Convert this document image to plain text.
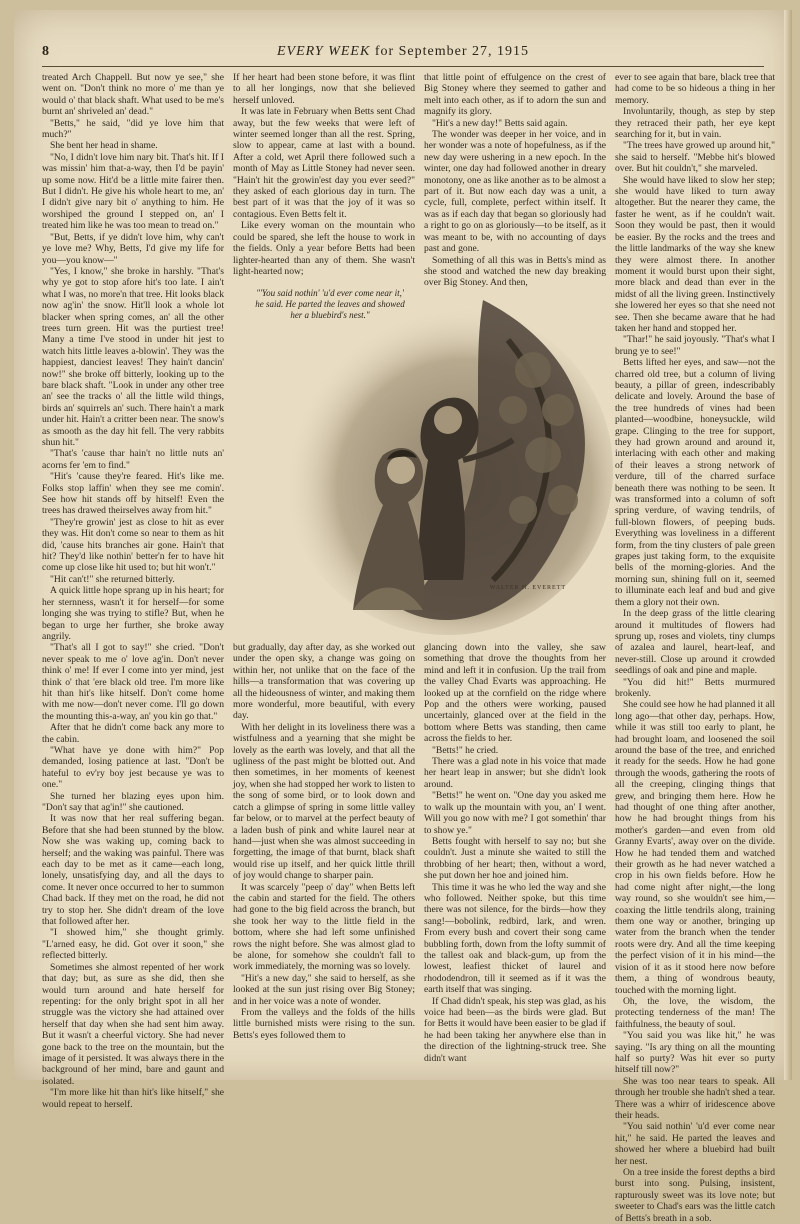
8	EVERY WEEK for September 27, 1915

treated Arch Chappell. But now ye see," she went on. "Don't think no more o' me than ye would o' that black shaft. What used to be me's burnt an' shriveled an' dead."

"Betts," he said, "did ye love him that much?"

She bent her head in shame.

"No, I didn't love him nary bit. That's hit. If I was missin' him that-a-way, then I'd be payin' up some now. Hit'd be a little mite fairer then. But I didn't. He give his whole heart to me, an' I didn't give nary bit o' anything to him. He worshiped the ground I stepped on, an' I treated him like he was too mean to tread on."

"But, Betts, if ye didn't love him, why can't ye love me? Why, Betts, I'd give my life for you—you know—"

"Yes, I know," she broke in harshly. "That's why ye got to stop afore hit's too late. I ain't what I was, no more'n that tree. Hit looks black now ag'in' the snow. Hit'll look a whole lot blacker when spring comes, an' all the other trees turn green. Hit was the purtiest tree! Many a time I've stood in under hit jest to watch hits little leaves a-blowin'. They was the happiest, danciest leaves! They hain't dancin' now!" she broke off bitterly, looking up to the bare black shaft. "Look in under any other tree an' see the tracks o' all the little wild things, birds an' squirrels an' such. There hain't a mark under hit. Hain't a critter been near. The snow's as smooth as the day hit fell. The very rabbits shun hit."

"That's 'cause thar hain't no little nuts an' acorns fer 'em to find."

"Hit's 'cause they're feared. Hit's like me. Folks stop laffin' when they see me comin'. See how hit stands off by hitself! Even the trees has drawed theirselves away from hit."

"They're growin' jest as close to hit as ever they was. Hit don't come so near to them as hit did, 'cause hits branches air gone. Hain't that hit? They'd like nothin' better'n fer to have hit come up close like hit used to; but hit won't."

"Hit can't!" she returned bitterly.

A quick little hope sprang up in his heart; for her sternness, wasn't it for herself—for some longing she was trying to stifle? But, when he began to urge her further, she broke away angrily.

"That's all I got to say!" she cried. "Don't never speak to me o' love ag'in. Don't never think o' me! If ever I come into yer mind, jest think o' that 'ere black old tree. I'm more like hit than hit's like hitself. Don't come home with me now—don't never come. I'll go down the mounting this-a-way, an' you kin go that."

After that he didn't come back any more to the cabin.

"What have ye done with him?" Pop demanded, losing patience at last. "Don't be hateful to ev'ry boy jest because ye was to one."

She turned her blazing eyes upon him. "Don't say that ag'in!" she cautioned.

It was now that her real suffering began. Before that she had been stunned by the blow. Now she was waking up, coming back to herself; and the waking was painful. There was each day to be met as it came—each long, lonely, unsatisfying day, and all the days to come. It never once occurred to her to summon Chad back. If they met on the road, he did not try to stop her. She didn't dream of the love that followed after her.

"I showed him," she thought grimly. "L'arned easy, he did. Got over it soon," she reflected bitterly.

Sometimes she almost repented of her work that day; but, as sure as she did, then she would turn around and hate herself for repenting: for the only bright spot in all her struggle was the victory she had attained over herself that day when she had sent him away. But it wasn't a cheerful victory. She had never gone back to the tree on the mountain, but the image of it persisted. It was always there in the background of her mind, bare and gaunt and isolated.

"I'm more like hit than hit's like hitself," she would repeat to herself.

If her heart had been stone before, it was flint to all her longings, now that she believed herself unloved.

It was late in February when Betts sent Chad away, but the few weeks that were left of winter seemed longer than all the rest. Spring, slow to appear, came at last with a bound. After a cold, wet April there followed such a month of May as Little Stoney had never seen. "Hain't hit the growin'est day you ever seed?" they asked of each glorious day in turn. The best part of it was that the joy of it was so contagious. Even Betts felt it.

Like every woman on the mountain who could be spared, she left the house to work in the fields. Only a year before Betts had been lighter-hearted than any of them. She wasn't light-hearted now;

that little point of effulgence on the crest of Big Stoney where they seemed to gather and melt into each other, as if to adorn the sun and magnify its glory.

"Hit's a new day!" Betts said again.

The wonder was deeper in her voice, and in her wonder was a note of hopefulness, as if the new day were ushering in a new epoch. In the winter, one day had followed another in dreary monotony, one as like another as to be almost a part of it. But now each day was a unit, a cycle, full, complete, perfect within itself. It was as if each day that began so gloriously had a right to go on as gloriously—to be itself, as it was meant to be, with no accounting of days past and gone.

Something of all this was in Betts's mind as she stood and watched the new day breaking over Big Stoney. And then,

ever to see again that bare, black tree that had come to be so hideous a thing in her memory.

Involuntarily, though, as step by step they retraced their path, her eye kept searching for it, but in vain.

"The trees have growed up around hit," she said to herself. "Mebbe hit's blowed over. But hit couldn't," she marveled.

She would have liked to slow her step; she would have liked to turn away altogether. But the nearer they came, the faster he went, as if he couldn't wait. Soon they would be past, then it would be easier. By the rocks and the trees and the little landmarks of the way she knew they were almost there. In another moment it would burst upon their sight, more black and dead than ever in the midst of all the living green. Instinctively she lowered her eyes so that she need not see. Then she became aware that he had taken her hand and stopped her.

"Thar!" he said joyously. "That's what I brung ye to see!"

Betts lifted her eyes, and saw—not the charred old tree, but a column of living beauty, a pillar of green, indescribably delicate and lovely. Around the base of the tree hundreds of vines had been planted—woodbine, honeysuckle, wild grape. Clinging to the tree for support, they had grown around and around it, interlacing with each other and making of their leaves a strong network of verdure, till of the charred surface beneath there was nothing to be seen. It was transformed into a column of soft spring verdure, of waving tendrils, of full-blown flowers, of peeping buds. Everything was loveliness in a different form, from the tiny clusters of pale green grapes just taking form, to the exquisite bells of the morning-glories. And the morning sun, shining full on it, seemed to illuminate each leaf and bud and give them a glory not their own.

In the deep grass of the little clearing around it multitudes of flowers had sprung up, roses and violets, tiny clumps of azalea and laurel, heart-leaf, and never-still. Close up around it crowded seedlings of oak and pine and maple.

"You did hit!" Betts murmured brokenly.

She could see how he had planned it all long ago—that other day, perhaps. How, while it was still too early to plant, he had brought loam, and loosened the soil around the base of the tree, and enriched it ready for the seeds. How he had gone through the woods, gathering the roots of all the creeping, clinging things that grew, and bringing them here. How he had thought of one thing after another, how he had brought things from his mother's garden—and even from old Granny Evarts', away over on the divide. How he had tended them and watched their growth as he had never watched a crop in his own fields before. How he had come night after night,—the long way round, so she wouldn't see him,—coaxing the little tendrils along, training them one way or another, bringing up water from the branch when the tender roots were dry. And all the time keeping the perfect vision of it in his mind—the vision of it as it stood here now before them, a thing of wondrous beauty, touched with the morning light.

Oh, the love, the wisdom, the protecting tenderness of the man! The faithfulness, the beauty of soul.

"You said you was like hit," he was saying. "Is ary thing on all the mounting half so purty? Was hit ever so purty hitself till now?"

She was too near tears to speak. All through her trouble she hadn't shed a tear. There was a whirr of iridescence above their heads.

"You said nothin' 'u'd ever come near hit," he said. He parted the leaves and showed her where a bluebird had built her nest.

On a tree inside the forest depths a bird burst into song. Pulsing, insistent, rapturously sweet was its love note; but sweeter to Chad's ears was the little catch of Betts's breath in a sob.

"'You said nothin' 'u'd ever come near it,' he said. He parted the leaves and showed her a bluebird's nest."
WALTER H. EVERETT

but gradually, day after day, as she worked out under the open sky, a change was going on within her, not unlike that on the face of the hills—a transformation that was covering up all the hideousness of winter, and making them more wonderful, more beautiful, with every day.

With her delight in its loveliness there was a wistfulness and a yearning that she might be lovely as the earth was lovely, and that all the ugliness of the past might be blotted out. And then sometimes, in her moments of keenest joy, when she had stopped her work to listen to the song of some bird, or to look down and catch a glimpse of spring in some little valley far below, or to marvel at the perfect beauty of a laden bush of pink and white laurel near at hand—just when she was almost succeeding in forgetting, the image of that burnt, black shaft would rise up itself, and her quick little thrill of joy would change to sharper pain.

It was scarcely "peep o' day" when Betts left the cabin and started for the field. The others had gone to the big field across the branch, but she took her way to the little field in the bottom, where she had left some unfinished rows the night before. She was almost glad to be alone, for somehow she couldn't fall to work immediately, the morning was so lovely.

"Hit's a new day," she said to herself, as she looked at the sun just rising over Big Stoney; and in her voice was a note of wonder.

From the valleys and the folds of the hills little burnished mists were rising to the sun. Betts's eyes followed them to

glancing down into the valley, she saw something that drove the thoughts from her mind and left it in confusion. Up the trail from the valley Chad Evarts was approaching. He looked up at the cornfield on the ridge where Pop and the others were working, paused uncertainly, glanced over at the field in the bottom where Betts was standing, then came across the fields to her.

"Betts!" he cried.

There was a glad note in his voice that made her heart leap in answer; but she didn't look around.

"Betts!" he went on. "One day you asked me to walk up the mountain with you, an' I went. Will you go now with me? I got somethin' thar to show ye."

Betts fought with herself to say no; but she couldn't. Just a minute she waited to still the throbbing of her heart; then, without a word, she put down her hoe and joined him.

This time it was he who led the way and she who followed. Neither spoke, but this time there was not silence, for the birds—how they sang!—bobolink, redbird, lark, and wren. From every bush and covert their song came bubbling forth, down from the lofty summit of the tallest oak and black-gum, up from the lowest, leafiest thicket of laurel and rhododendron, till it seemed as if it was the earth itself that was singing.

If Chad didn't speak, his step was glad, as his voice had been—as the birds were glad. But for Betts it would have been easier to be glad if he had been taking her anywhere else than in the direction of the lightning-struck tree. She didn't want
